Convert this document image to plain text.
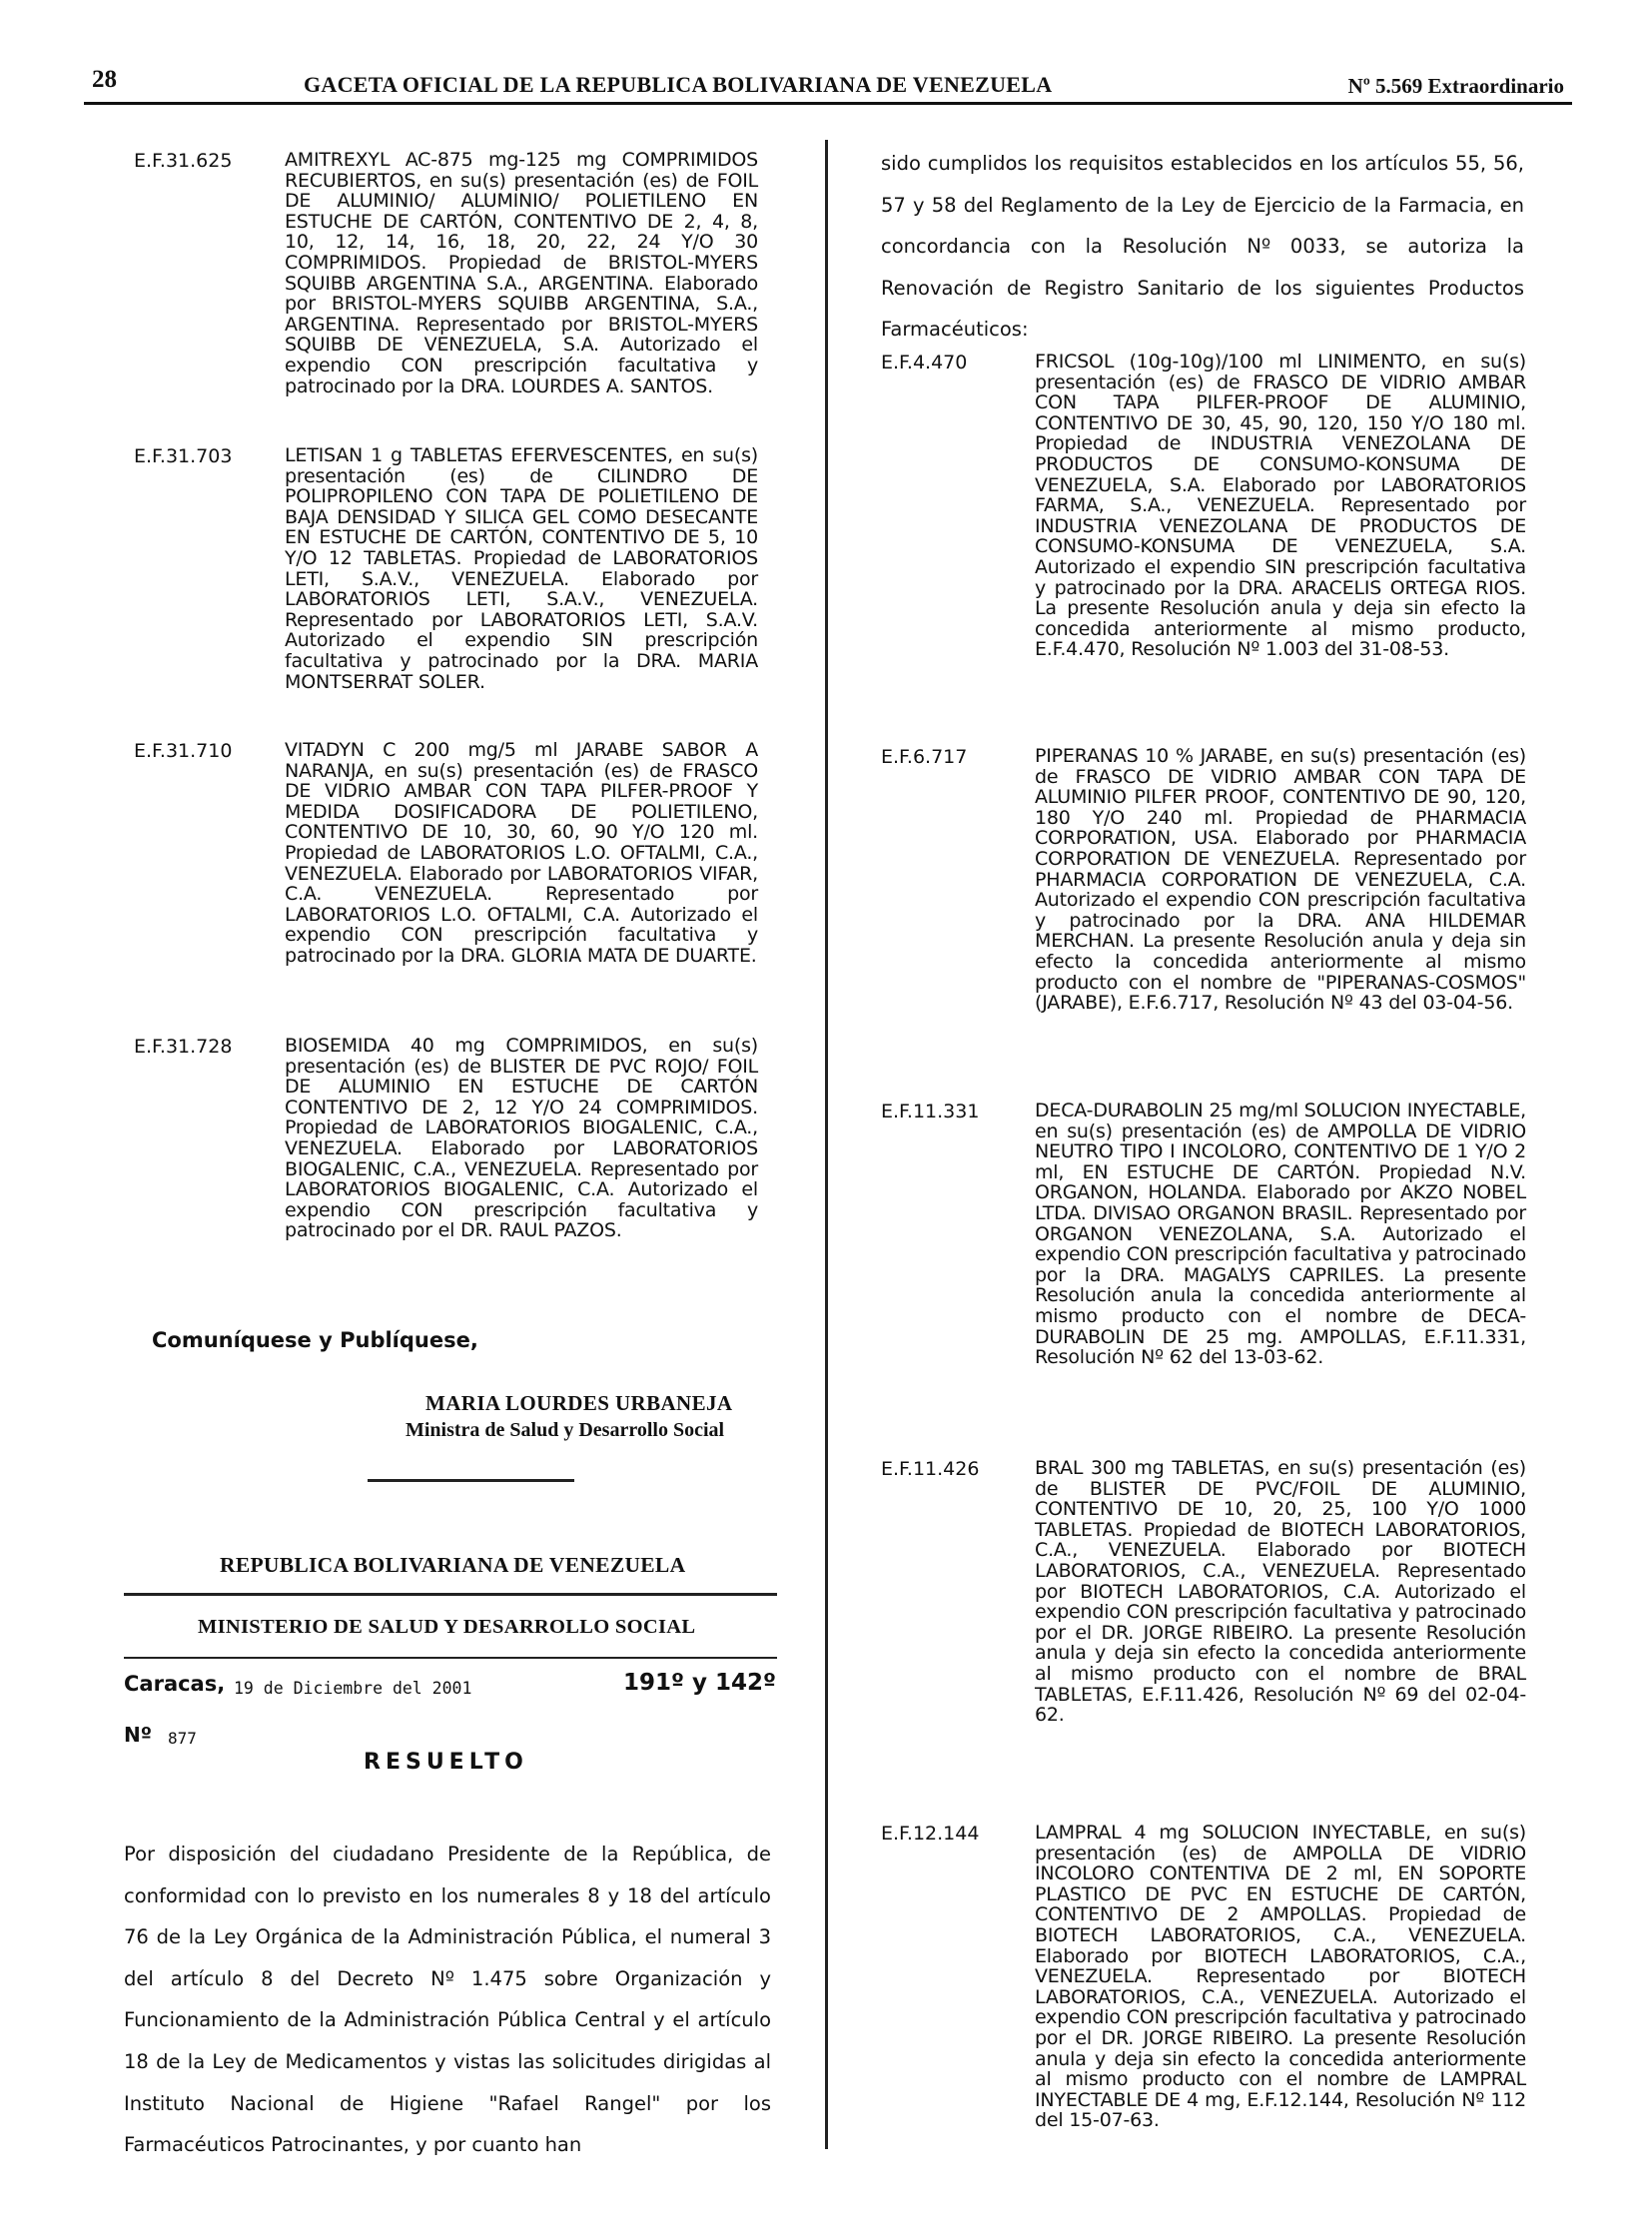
28	GACETA OFICIAL DE LA REPUBLICA BOLIVARIANA DE VENEZUELA	Nº 5.569 Extraordinario
E.F.31.625	AMITREXYL AC-875 mg-125 mg COMPRIMIDOS RECUBIERTOS, en su(s) presentación (es) de FOIL DE ALUMINIO/ ALUMINIO/ POLIETILENO EN ESTUCHE DE CARTÓN, CONTENTIVO DE 2, 4, 8, 10, 12, 14, 16, 18, 20, 22, 24 Y/O 30 COMPRIMIDOS. Propiedad de BRISTOL-MYERS SQUIBB ARGENTINA S.A., ARGENTINA. Elaborado por BRISTOL-MYERS SQUIBB ARGENTINA, S.A., ARGENTINA. Representado por BRISTOL-MYERS SQUIBB DE VENEZUELA, S.A. Autorizado el expendio CON prescripción facultativa y patrocinado por la DRA. LOURDES A. SANTOS.
E.F.31.703	LETISAN 1 g TABLETAS EFERVESCENTES, en su(s) presentación (es) de CILINDRO DE POLIPROPILENO CON TAPA DE POLIETILENO DE BAJA DENSIDAD Y SILICA GEL COMO DESECANTE EN ESTUCHE DE CARTÓN, CONTENTIVO DE 5, 10 Y/O 12 TABLETAS. Propiedad de LABORATORIOS LETI, S.A.V., VENEZUELA. Elaborado por LABORATORIOS LETI, S.A.V., VENEZUELA. Representado por LABORATORIOS LETI, S.A.V. Autorizado el expendio SIN prescripción facultativa y patrocinado por la DRA. MARIA MONTSERRAT SOLER.
E.F.31.710	VITADYN C 200 mg/5 ml JARABE SABOR A NARANJA, en su(s) presentación (es) de FRASCO DE VIDRIO AMBAR CON TAPA PILFER-PROOF Y MEDIDA DOSIFICADORA DE POLIETILENO, CONTENTIVO DE 10, 30, 60, 90 Y/O 120 ml. Propiedad de LABORATORIOS L.O. OFTALMI, C.A., VENEZUELA. Elaborado por LABORATORIOS VIFAR, C.A. VENEZUELA. Representado por LABORATORIOS L.O. OFTALMI, C.A. Autorizado el expendio CON prescripción facultativa y patrocinado por la DRA. GLORIA MATA DE DUARTE.
E.F.31.728	BIOSEMIDA 40 mg COMPRIMIDOS, en su(s) presentación (es) de BLISTER DE PVC ROJO/ FOIL DE ALUMINIO EN ESTUCHE DE CARTÓN CONTENTIVO DE 2, 12 Y/O 24 COMPRIMIDOS. Propiedad de LABORATORIOS BIOGALENIC, C.A., VENEZUELA. Elaborado por LABORATORIOS BIOGALENIC, C.A., VENEZUELA. Representado por LABORATORIOS BIOGALENIC, C.A. Autorizado el expendio CON prescripción facultativa y patrocinado por el DR. RAUL PAZOS.
Comuníquese y Publíquese,
MARIA LOURDES URBANEJA
Ministra de Salud y Desarrollo Social
REPUBLICA BOLIVARIANA DE VENEZUELA
MINISTERIO DE SALUD Y DESARROLLO SOCIAL
Caracas, 19 de Diciembre del 2001	191º y 142º
Nº 877
RESUELTO
Por disposición del ciudadano Presidente de la República, de conformidad con lo previsto en los numerales 8 y 18 del artículo 76 de la Ley Orgánica de la Administración Pública, el numeral 3 del artículo 8 del Decreto Nº 1.475 sobre Organización y Funcionamiento de la Administración Pública Central y el artículo 18 de la Ley de Medicamentos y vistas las solicitudes dirigidas al Instituto Nacional de Higiene "Rafael Rangel" por los Farmacéuticos Patrocinantes, y por cuanto han
sido cumplidos los requisitos establecidos en los artículos 55, 56, 57 y 58 del Reglamento de la Ley de Ejercicio de la Farmacia, en concordancia con la Resolución Nº 0033, se autoriza la Renovación de Registro Sanitario de los siguientes Productos Farmacéuticos:
E.F.4.470	FRICSOL (10g-10g)/100 ml LINIMENTO, en su(s) presentación (es) de FRASCO DE VIDRIO AMBAR CON TAPA PILFER-PROOF DE ALUMINIO, CONTENTIVO DE 30, 45, 90, 120, 150 Y/O 180 ml. Propiedad de INDUSTRIA VENEZOLANA DE PRODUCTOS DE CONSUMO-KONSUMA DE VENEZUELA, S.A. Elaborado por LABORATORIOS FARMA, S.A., VENEZUELA. Representado por INDUSTRIA VENEZOLANA DE PRODUCTOS DE CONSUMO-KONSUMA DE VENEZUELA, S.A. Autorizado el expendio SIN prescripción facultativa y patrocinado por la DRA. ARACELIS ORTEGA RIOS. La presente Resolución anula y deja sin efecto la concedida anteriormente al mismo producto, E.F.4.470, Resolución Nº 1.003 del 31-08-53.
E.F.6.717	PIPERANAS 10 % JARABE, en su(s) presentación (es) de FRASCO DE VIDRIO AMBAR CON TAPA DE ALUMINIO PILFER PROOF, CONTENTIVO DE 90, 120, 180 Y/O 240 ml. Propiedad de PHARMACIA CORPORATION, USA. Elaborado por PHARMACIA CORPORATION DE VENEZUELA. Representado por PHARMACIA CORPORATION DE VENEZUELA, C.A. Autorizado el expendio CON prescripción facultativa y patrocinado por la DRA. ANA HILDEMAR MERCHAN. La presente Resolución anula y deja sin efecto la concedida anteriormente al mismo producto con el nombre de "PIPERANAS-COSMOS" (JARABE), E.F.6.717, Resolución Nº 43 del 03-04-56.
E.F.11.331	DECA-DURABOLIN 25 mg/ml SOLUCION INYECTABLE, en su(s) presentación (es) de AMPOLLA DE VIDRIO NEUTRO TIPO I INCOLORO, CONTENTIVO DE 1 Y/O 2 ml, EN ESTUCHE DE CARTÓN. Propiedad N.V. ORGANON, HOLANDA. Elaborado por AKZO NOBEL LTDA. DIVISAO ORGANON BRASIL. Representado por ORGANON VENEZOLANA, S.A. Autorizado el expendio CON prescripción facultativa y patrocinado por la DRA. MAGALYS CAPRILES. La presente Resolución anula la concedida anteriormente al mismo producto con el nombre de DECA-DURABOLIN DE 25 mg. AMPOLLAS, E.F.11.331, Resolución Nº 62 del 13-03-62.
E.F.11.426	BRAL 300 mg TABLETAS, en su(s) presentación (es) de BLISTER DE PVC/FOIL DE ALUMINIO, CONTENTIVO DE 10, 20, 25, 100 Y/O 1000 TABLETAS. Propiedad de BIOTECH LABORATORIOS, C.A., VENEZUELA. Elaborado por BIOTECH LABORATORIOS, C.A., VENEZUELA. Representado por BIOTECH LABORATORIOS, C.A. Autorizado el expendio CON prescripción facultativa y patrocinado por el DR. JORGE RIBEIRO. La presente Resolución anula y deja sin efecto la concedida anteriormente al mismo producto con el nombre de BRAL TABLETAS, E.F.11.426, Resolución Nº 69 del 02-04-62.
E.F.12.144	LAMPRAL 4 mg SOLUCION INYECTABLE, en su(s) presentación (es) de AMPOLLA DE VIDRIO INCOLORO CONTENTIVA DE 2 ml, EN SOPORTE PLASTICO DE PVC EN ESTUCHE DE CARTÓN, CONTENTIVO DE 2 AMPOLLAS. Propiedad de BIOTECH LABORATORIOS, C.A., VENEZUELA. Elaborado por BIOTECH LABORATORIOS, C.A., VENEZUELA. Representado por BIOTECH LABORATORIOS, C.A., VENEZUELA. Autorizado el expendio CON prescripción facultativa y patrocinado por el DR. JORGE RIBEIRO. La presente Resolución anula y deja sin efecto la concedida anteriormente al mismo producto con el nombre de LAMPRAL INYECTABLE DE 4 mg, E.F.12.144, Resolución Nº 112 del 15-07-63.
